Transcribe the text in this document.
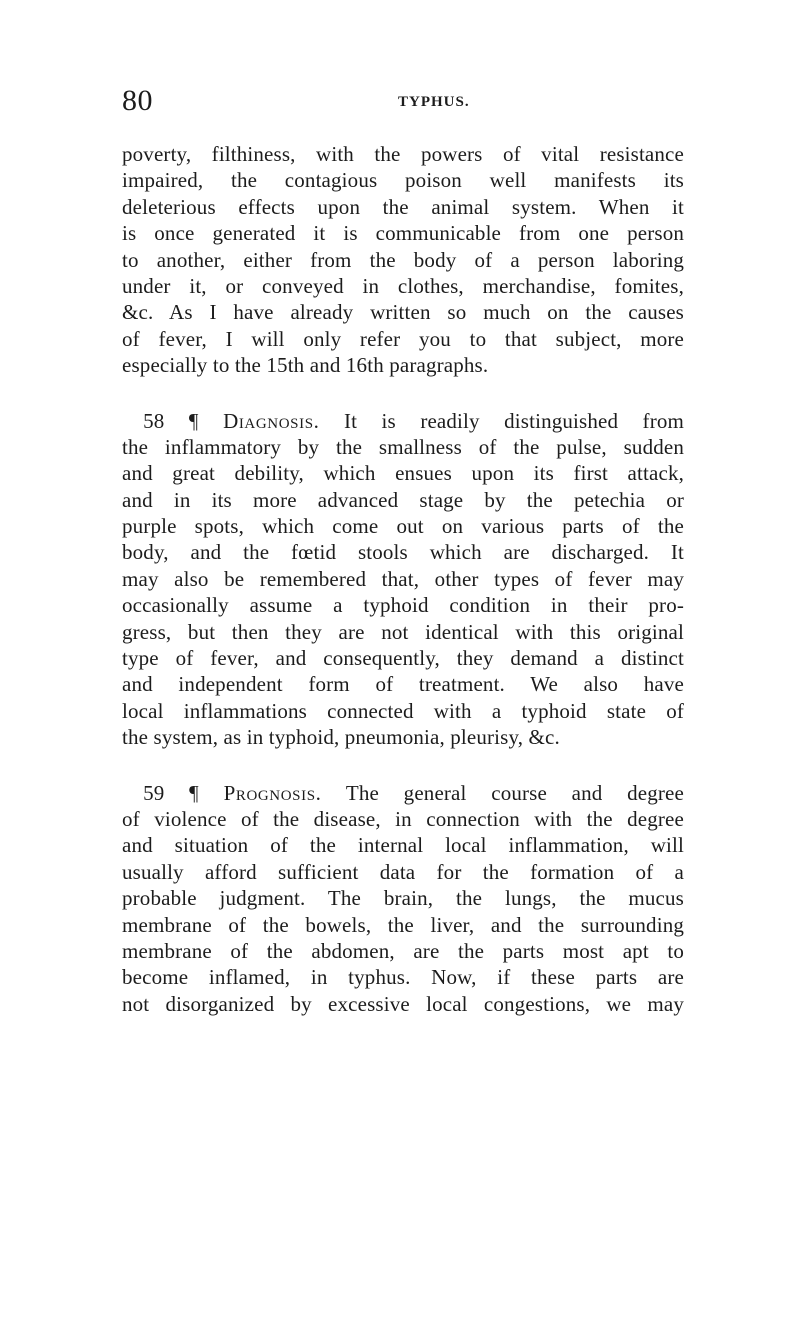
80	TYPHUS.
poverty, filthiness, with the powers of vital resistance
impaired, the contagious poison well manifests its
deleterious effects upon the animal system. When it
is once generated it is communicable from one person
to another, either from the body of a person laboring
under it, or conveyed in clothes, merchandise, fomites,
&c. As I have already written so much on the causes
of fever, I will only refer you to that subject, more
especially to the 15th and 16th paragraphs.
 58 ¶ Diagnosis. It is readily distinguished from
the inflammatory by the smallness of the pulse, sudden
and great debility, which ensues upon its first attack,
and in its more advanced stage by the petechia or
purple spots, which come out on various parts of the
body, and the fœtid stools which are discharged. It
may also be remembered that, other types of fever may
occasionally assume a typhoid condition in their pro-
gress, but then they are not identical with this original
type of fever, and consequently, they demand a distinct
and independent form of treatment. We also have
local inflammations connected with a typhoid state of
the system, as in typhoid, pneumonia, pleurisy, &c.
 59 ¶ Prognosis. The general course and degree
of violence of the disease, in connection with the degree
and situation of the internal local inflammation, will
usually afford sufficient data for the formation of a
probable judgment. The brain, the lungs, the mucus
membrane of the bowels, the liver, and the surrounding
membrane of the abdomen, are the parts most apt to
become inflamed, in typhus. Now, if these parts are
not disorganized by excessive local congestions, we may
